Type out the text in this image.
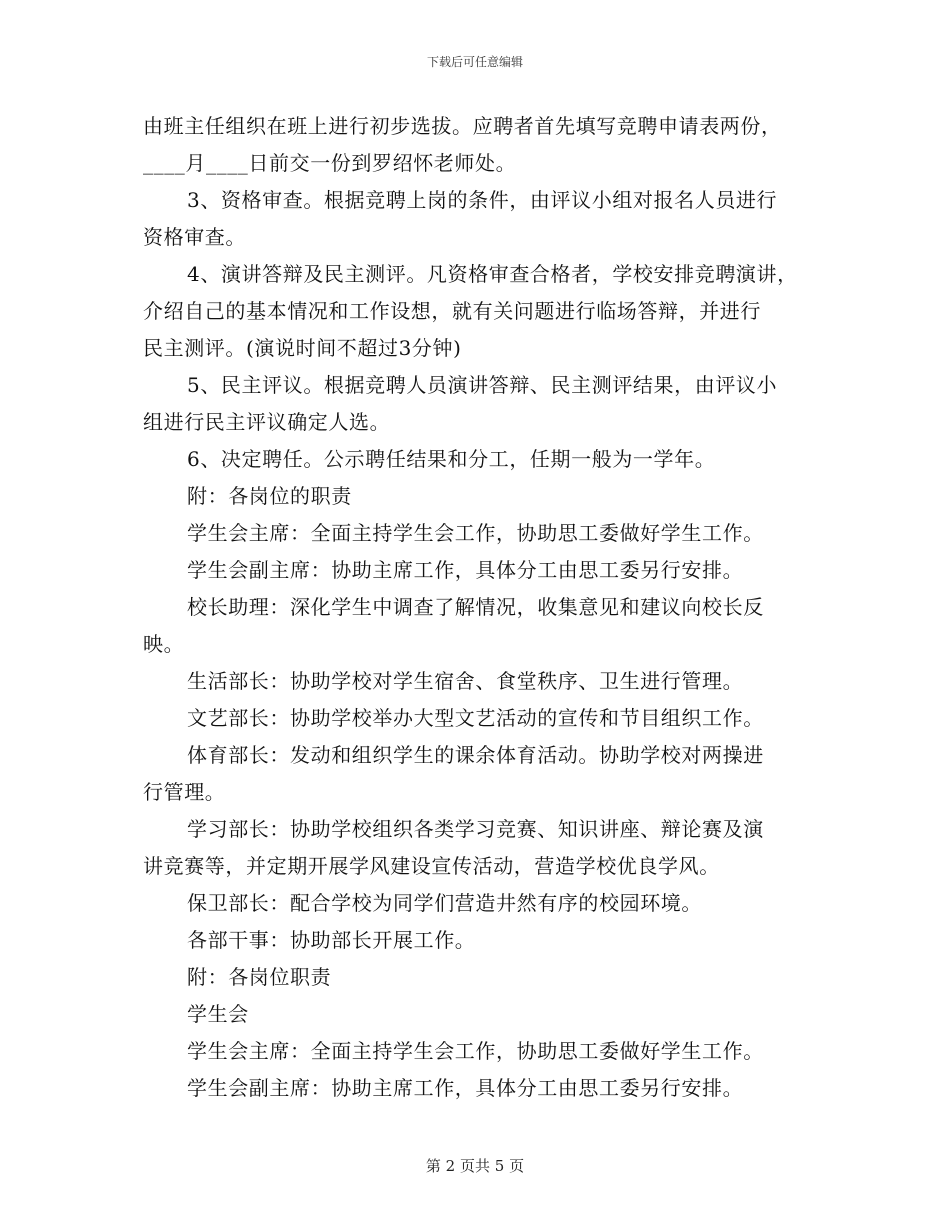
下载后可任意编辑
由班主任组织在班上进行初步选拔。应聘者首先填写竞聘申请表两份，
____月____日前交一份到罗绍怀老师处。
3、资格审查。根据竞聘上岗的条件，由评议小组对报名人员进行
资格审查。
4、演讲答辩及民主测评。凡资格审查合格者，学校安排竞聘演讲，
介绍自己的基本情况和工作设想，就有关问题进行临场答辩，并进行
民主测评。(演说时间不超过3分钟)
5、民主评议。根据竞聘人员演讲答辩、民主测评结果，由评议小
组进行民主评议确定人选。
6、决定聘任。公示聘任结果和分工，任期一般为一学年。
附：各岗位的职责
学生会主席：全面主持学生会工作，协助思工委做好学生工作。
学生会副主席：协助主席工作，具体分工由思工委另行安排。
校长助理：深化学生中调查了解情况，收集意见和建议向校长反
映。
生活部长：协助学校对学生宿舍、食堂秩序、卫生进行管理。
文艺部长：协助学校举办大型文艺活动的宣传和节目组织工作。
体育部长：发动和组织学生的课余体育活动。协助学校对两操进
行管理。
学习部长：协助学校组织各类学习竞赛、知识讲座、辩论赛及演
讲竞赛等，并定期开展学风建设宣传活动，营造学校优良学风。
保卫部长：配合学校为同学们营造井然有序的校园环境。
各部干事：协助部长开展工作。
附：各岗位职责
学生会
学生会主席：全面主持学生会工作，协助思工委做好学生工作。
学生会副主席：协助主席工作，具体分工由思工委另行安排。
第 2 页共 5 页
